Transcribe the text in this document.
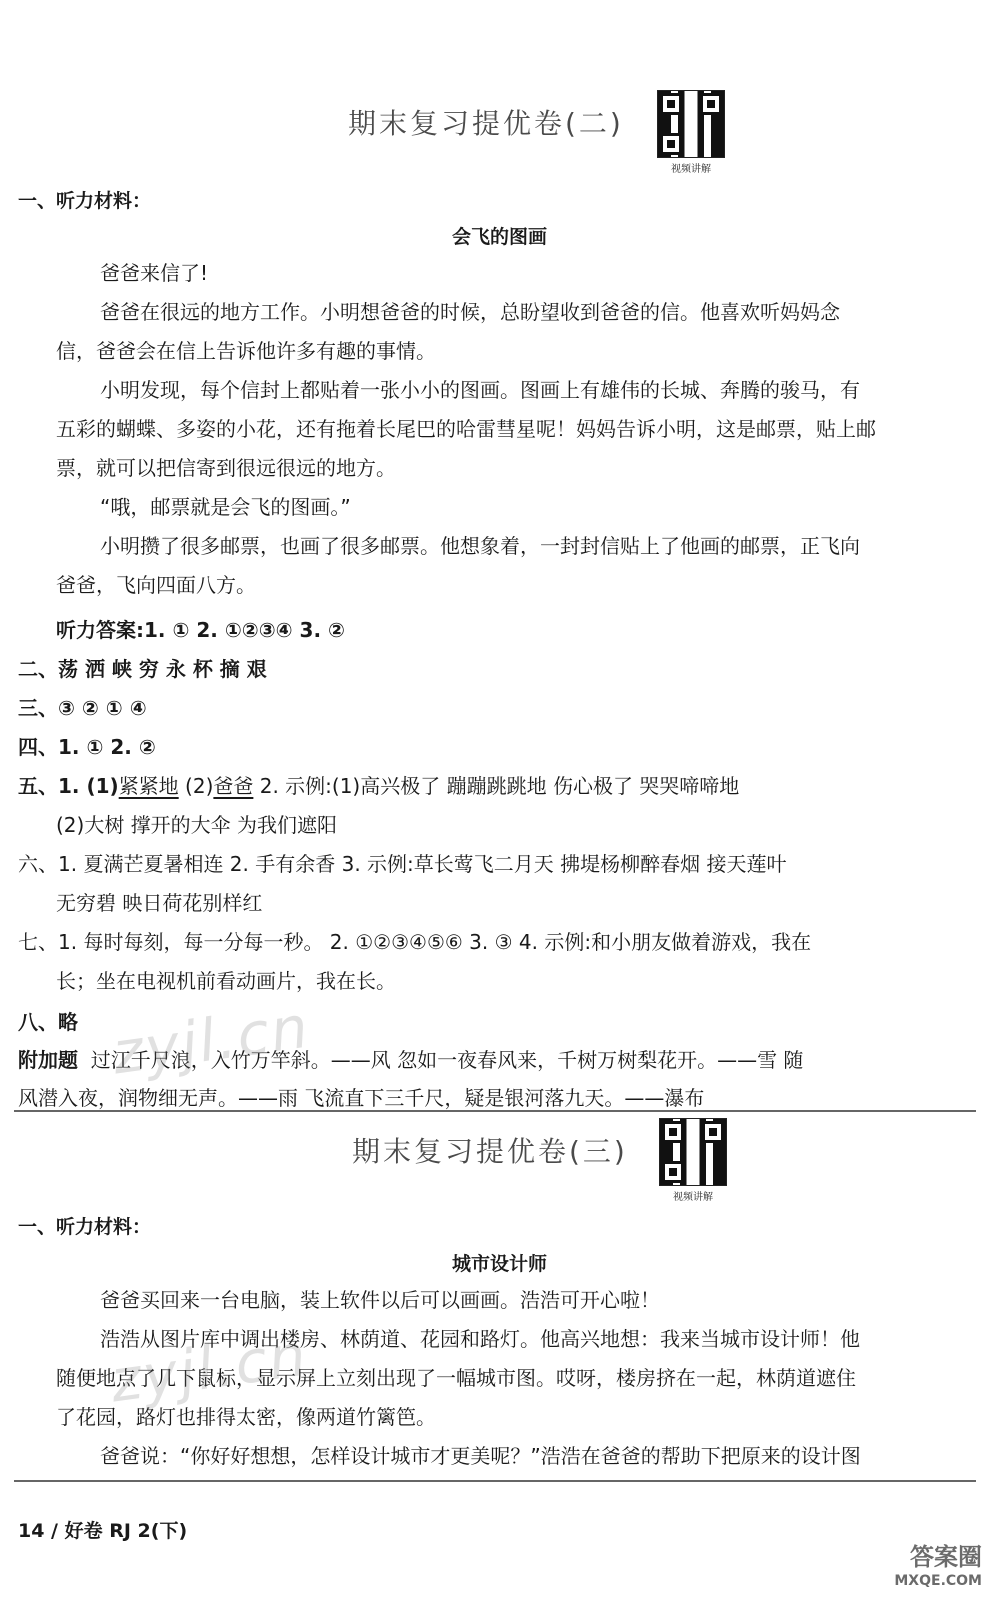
期末复习提优卷(二)
视频讲解
一、听力材料：
会飞的图画
爸爸来信了!
爸爸在很远的地方工作。小明想爸爸的时候，总盼望收到爸爸的信。他喜欢听妈妈念
信，爸爸会在信上告诉他许多有趣的事情。
小明发现，每个信封上都贴着一张小小的图画。图画上有雄伟的长城、奔腾的骏马，有
五彩的蝴蝶、多姿的小花，还有拖着长尾巴的哈雷彗星呢！妈妈告诉小明，这是邮票，贴上邮
票，就可以把信寄到很远很远的地方。
“哦，邮票就是会飞的图画。”
小明攒了很多邮票，也画了很多邮票。他想象着，一封封信贴上了他画的邮票，正飞向
爸爸，飞向四面八方。
听力答案:1. ① 2. ①②③④ 3. ②
二、荡 洒 峡 穷 永 杯 摘 艰
三、③ ② ① ④
四、1. ① 2. ②
五、1. (1)紧紧地 (2)爸爸 2. 示例:(1)高兴极了 蹦蹦跳跳地 伤心极了 哭哭啼啼地
(2)大树 撑开的大伞 为我们遮阳
六、1. 夏满芒夏暑相连 2. 手有余香 3. 示例:草长莺飞二月天 拂堤杨柳醉春烟 接天莲叶
无穷碧 映日荷花别样红
七、1. 每时每刻，每一分每一秒。 2. ①②③④⑤⑥ 3. ③ 4. 示例:和小朋友做着游戏，我在
长；坐在电视机前看动画片，我在长。
八、略
附加题 过江千尺浪，入竹万竿斜。——风 忽如一夜春风来，千树万树梨花开。——雪 随
风潜入夜，润物细无声。——雨 飞流直下三千尺，疑是银河落九天。——瀑布
zyjl.cn
期末复习提优卷(三)
视频讲解
一、听力材料：
城市设计师
爸爸买回来一台电脑，装上软件以后可以画画。浩浩可开心啦！
浩浩从图片库中调出楼房、林荫道、花园和路灯。他高兴地想：我来当城市设计师！他
随便地点了几下鼠标，显示屏上立刻出现了一幅城市图。哎呀，楼房挤在一起，林荫道遮住
了花园，路灯也排得太密，像两道竹篱笆。
爸爸说：“你好好想想，怎样设计城市才更美呢？”浩浩在爸爸的帮助下把原来的设计图
zyjl.cn
14 / 好卷 RJ 2(下)
答案圈
MXQE.COM
